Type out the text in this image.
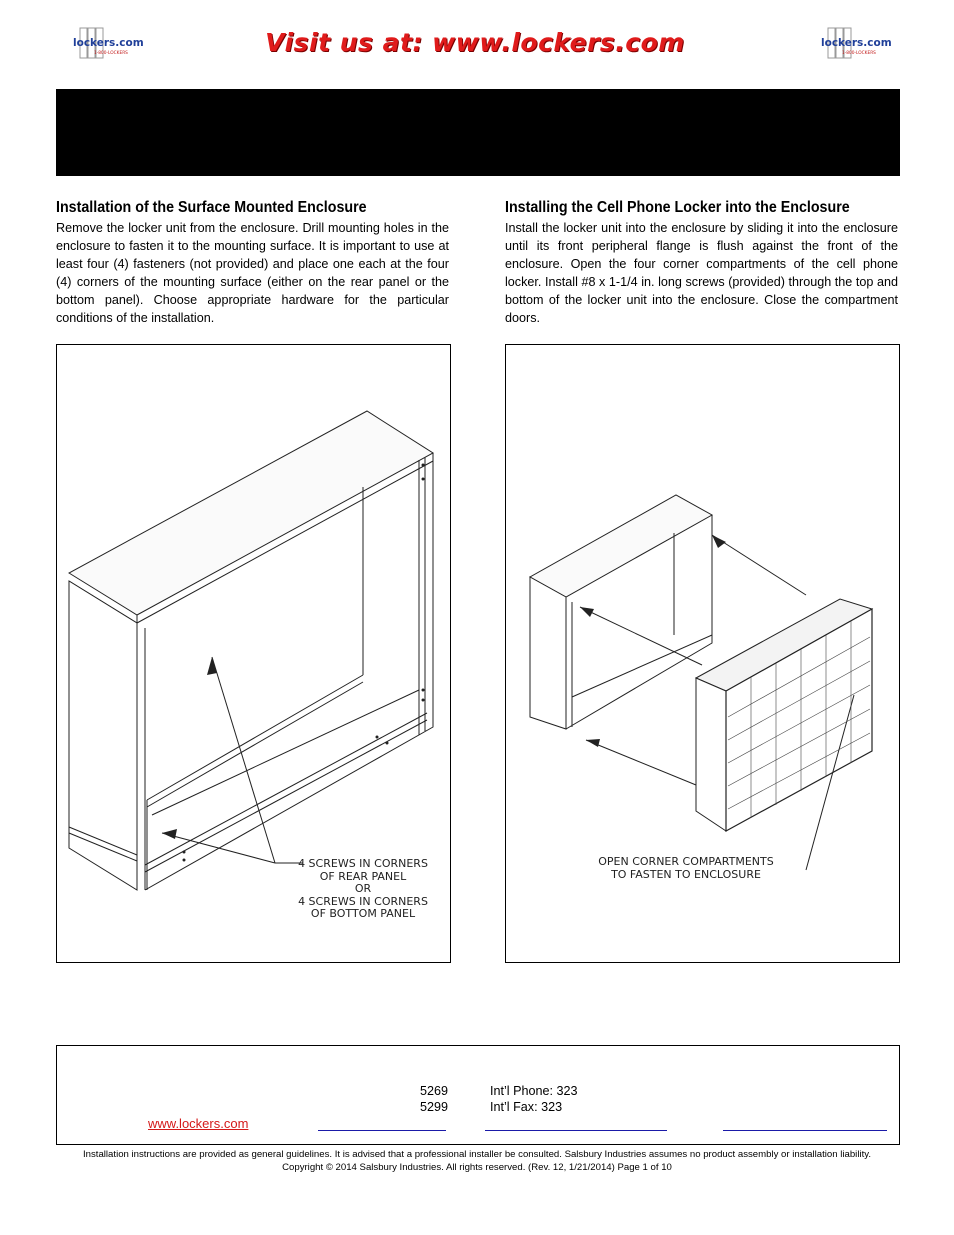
lockers.com
1-800-LOCKERS	Visit us at: www.lockers.com	lockers.com
1-800-LOCKERS
Installation of the Surface Mounted Enclosure

Remove the locker unit from the enclosure. Drill mounting holes in the enclosure to fasten it to the mounting surface. It is important to use at least four (4) fasteners (not provided) and place one each at the four (4) corners of the mounting surface (either on the rear panel or the bottom panel). Choose appropriate hardware for the particular conditions of the installation.

Installing the Cell Phone Locker into the Enclosure

Install the locker unit into the enclosure by sliding it into the enclosure until its front peripheral flange is flush against the front of the enclosure. Open the four corner compartments of the cell phone locker. Install #8 x 1-1/4 in. long screws (provided) through the top and bottom of the locker unit into the enclosure. Close the compartment doors.

4 SCREWS IN CORNERS
OF REAR PANEL
OR
4 SCREWS IN CORNERS
OF BOTTOM PANEL
OPEN CORNER COMPARTMENTS
TO FASTEN TO ENCLOSURE
5269	Int’l Phone: 323
5299	Int’l Fax: 323
www.lockers.com
Installation instructions are provided as general guidelines. It is advised that a professional installer be consulted. Salsbury Industries assumes no product assembly or installation liability.
Copyright © 2014 Salsbury Industries. All rights reserved. (Rev. 12, 1/21/2014) Page 1 of 10
